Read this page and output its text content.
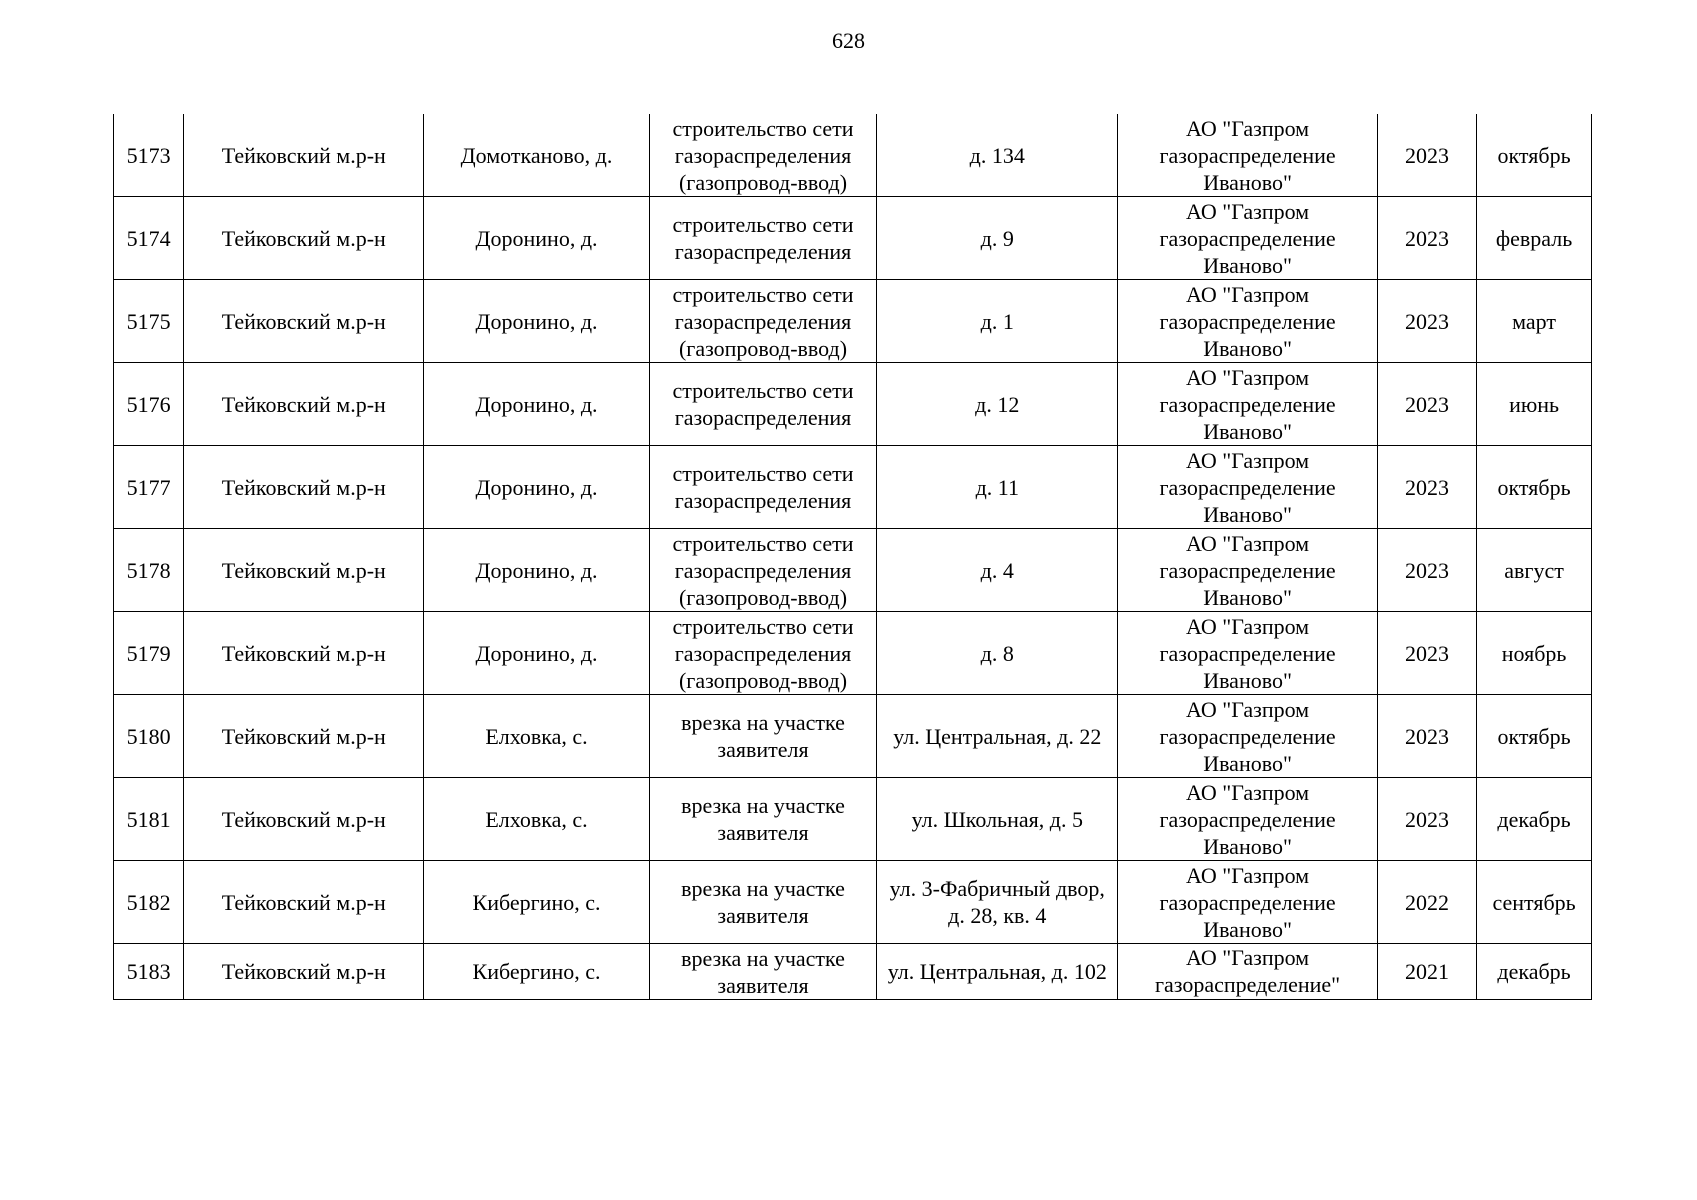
628
5173	Тейковский м.р-н	Домотканово, д.	строительство сети газораспределения (газопровод-ввод)	д. 134	АО "Газпром газораспределение Иваново"	2023	октябрь
5174	Тейковский м.р-н	Доронино, д.	строительство сети газораспределения	д. 9	АО "Газпром газораспределение Иваново"	2023	февраль
5175	Тейковский м.р-н	Доронино, д.	строительство сети газораспределения (газопровод-ввод)	д. 1	АО "Газпром газораспределение Иваново"	2023	март
5176	Тейковский м.р-н	Доронино, д.	строительство сети газораспределения	д. 12	АО "Газпром газораспределение Иваново"	2023	июнь
5177	Тейковский м.р-н	Доронино, д.	строительство сети газораспределения	д. 11	АО "Газпром газораспределение Иваново"	2023	октябрь
5178	Тейковский м.р-н	Доронино, д.	строительство сети газораспределения (газопровод-ввод)	д. 4	АО "Газпром газораспределение Иваново"	2023	август
5179	Тейковский м.р-н	Доронино, д.	строительство сети газораспределения (газопровод-ввод)	д. 8	АО "Газпром газораспределение Иваново"	2023	ноябрь
5180	Тейковский м.р-н	Елховка, с.	врезка на участке заявителя	ул. Центральная, д. 22	АО "Газпром газораспределение Иваново"	2023	октябрь
5181	Тейковский м.р-н	Елховка, с.	врезка на участке заявителя	ул. Школьная, д. 5	АО "Газпром газораспределение Иваново"	2023	декабрь
5182	Тейковский м.р-н	Кибергино, с.	врезка на участке заявителя	ул. 3-Фабричный двор, д. 28, кв. 4	АО "Газпром газораспределение Иваново"	2022	сентябрь
5183	Тейковский м.р-н	Кибергино, с.	врезка на участке заявителя	ул. Центральная, д. 102	АО "Газпром газораспределение"	2021	декабрь
